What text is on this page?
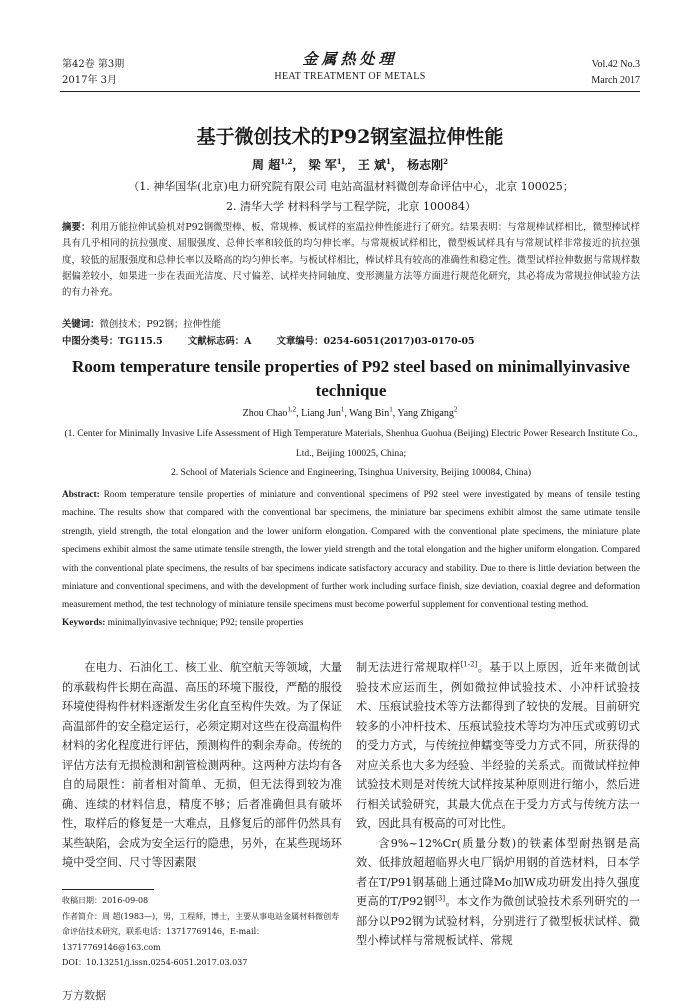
第42卷 第3期
2017年 3月
金属热处理
HEAT TREATMENT OF METALS
Vol.42 No.3
March 2017
基于微创技术的P92钢室温拉伸性能
周 超$^{1,2}$， 梁 军$^1$， 王 斌$^1$， 杨志刚$^2$
（1. 神华国华(北京)电力研究院有限公司 电站高温材料微创寿命评估中心，北京 100025；
2. 清华大学 材料科学与工程学院，北京 100084）
摘要：利用万能拉伸试验机对P92钢微型棒、板、常规棒、板试样的室温拉伸性能进行了研究。结果表明：与常规棒试样相比，微型棒试样具有几乎相同的抗拉强度、屈服强度、总伸长率和较低的均匀伸长率。与常规板试样相比，微型板试样具有与常规试样非常接近的抗拉强度，较低的屈服强度和总伸长率以及略高的均匀伸长率。与板试样相比，棒试样具有较高的准确性和稳定性。微型试样拉伸数据与常规样数据偏差较小，如果进一步在表面光洁度、尺寸偏差、试样夹持同轴度、变形测量方法等方面进行规范化研究，其必将成为常规拉伸试验方法的有力补充。
关键词：微创技术；P92钢；拉伸性能
中图分类号：TG115.5	文献标志码：A	文章编号：0254-6051(2017)03-0170-05
Room temperature tensile properties of P92 steel based on minimallyinvasive technique
Zhou Chao$^{1,2}$, Liang Jun$^1$, Wang Bin$^1$, Yang Zhigang$^2$
(1. Center for Minimally Invasive Life Assessment of High Temperature Materials, Shenhua Guohua (Beijing) Electric Power Research Institute Co., Ltd., Beijing 100025, China;
2. School of Materials Science and Engineering, Tsinghua University, Beijing 100084, China)
Abstract: Room temperature tensile properties of miniature and conventional specimens of P92 steel were investigated by means of tensile testing machine. The results show that compared with the conventional bar specimens, the miniature bar specimens exhibit almost the same utimate tensile strength, yield strength, the total elongation and the lower uniform elongation. Compared with the conventional plate specimens, the miniature plate specimens exhibit almost the same utimate tensile strength, the lower yield strength and the total elongation and the higher uniform elongation. Compared with the conventional plate specimens, the results of bar specimens indicate satisfactory accuracy and stability. Due to there is little deviation between the miniature and conventional specimens, and with the development of further work including surface finish, size deviation, coaxial degree and deformation measurement method, the test technology of miniature tensile specimens must become powerful supplement for conventional testing method.
Keywords: minimallyinvasive technique; P92; tensile properties

在电力、石油化工、核工业、航空航天等领域，大量的承载构件长期在高温、高压的环境下服役，严酷的服役环境使得构件材料逐渐发生劣化直至构件失效。为了保证高温部件的安全稳定运行，必须定期对这些在役高温构件材料的劣化程度进行评估，预测构件的剩余寿命。传统的评估方法有无损检测和割管检测两种。这两种方法均有各自的局限性：前者相对简单、无损，但无法得到较为准确、连续的材料信息，精度不够；后者准确但具有破坏性，取样后的修复是一大难点，且修复后的部件仍然具有某些缺陷，会成为安全运行的隐患，另外，在某些现场环境中受空间、尺寸等因素限

制无法进行常规取样[1-2]。基于以上原因，近年来微创试验技术应运而生，例如微拉伸试验技术、小冲杆试验技术、压痕试验技术等方法都得到了较快的发展。目前研究较多的小冲杆技术、压痕试验技术等均为冲压式或剪切式的受力方式，与传统拉伸蠕变等受力方式不同，所获得的对应关系也大多为经验、半经验的关系式。而微试样拉伸试验技术则是对传统大试样按某种原则进行缩小，然后进行相关试验研究，其最大优点在于受力方式与传统方法一致，因此具有极高的可对比性。

含9%~12%Cr(质量分数)的铁素体型耐热钢是高效、低排放超超临界火电厂锅炉用钢的首选材料，日本学者在T/P91钢基础上通过降Mo加W成功研发出持久强度更高的T/P92钢[3]。本文作为微创试验技术系列研究的一部分以P92钢为试验材料，分别进行了微型板状试样、微型小棒试样与常规板试样、常规

收稿日期：2016-09-08
作者简介：周 超(1983—)，男，工程师，博士，主要从事电站金属材料微创寿命评估技术研究，联系电话：13717769146，E-mail：13717769146@163.com
DOI：10.13251/j.issn.0254-6051.2017.03.037
万方数据
